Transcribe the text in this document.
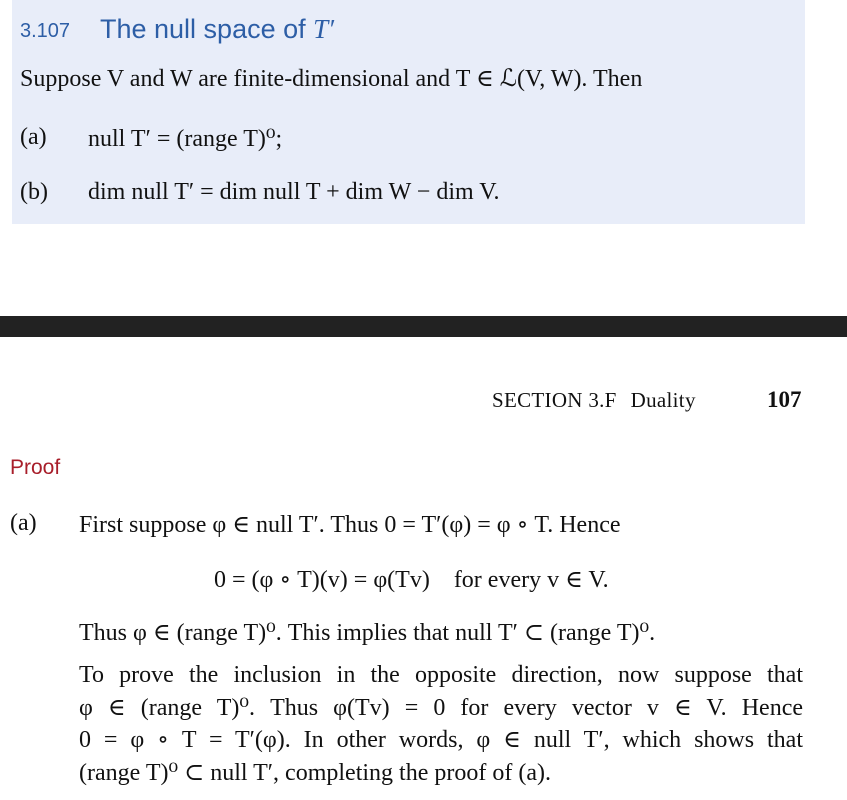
3.107 The null space of T′
Suppose V and W are finite-dimensional and T ∈ ℒ(V, W). Then
(a) null T′ = (range T)⁰;
(b) dim null T′ = dim null T + dim W − dim V.
SECTION 3.F Duality	107
Proof
(a) First suppose φ ∈ null T′. Thus 0 = T′(φ) = φ ∘ T. Hence
0 = (φ ∘ T)(v) = φ(Tv) for every v ∈ V.
Thus φ ∈ (range T)⁰. This implies that null T′ ⊂ (range T)⁰.
To prove the inclusion in the opposite direction, now suppose that
φ ∈ (range T)⁰. Thus φ(Tv) = 0 for every vector v ∈ V. Hence
0 = φ ∘ T = T′(φ). In other words, φ ∈ null T′, which shows that
(range T)⁰ ⊂ null T′, completing the proof of (a).
